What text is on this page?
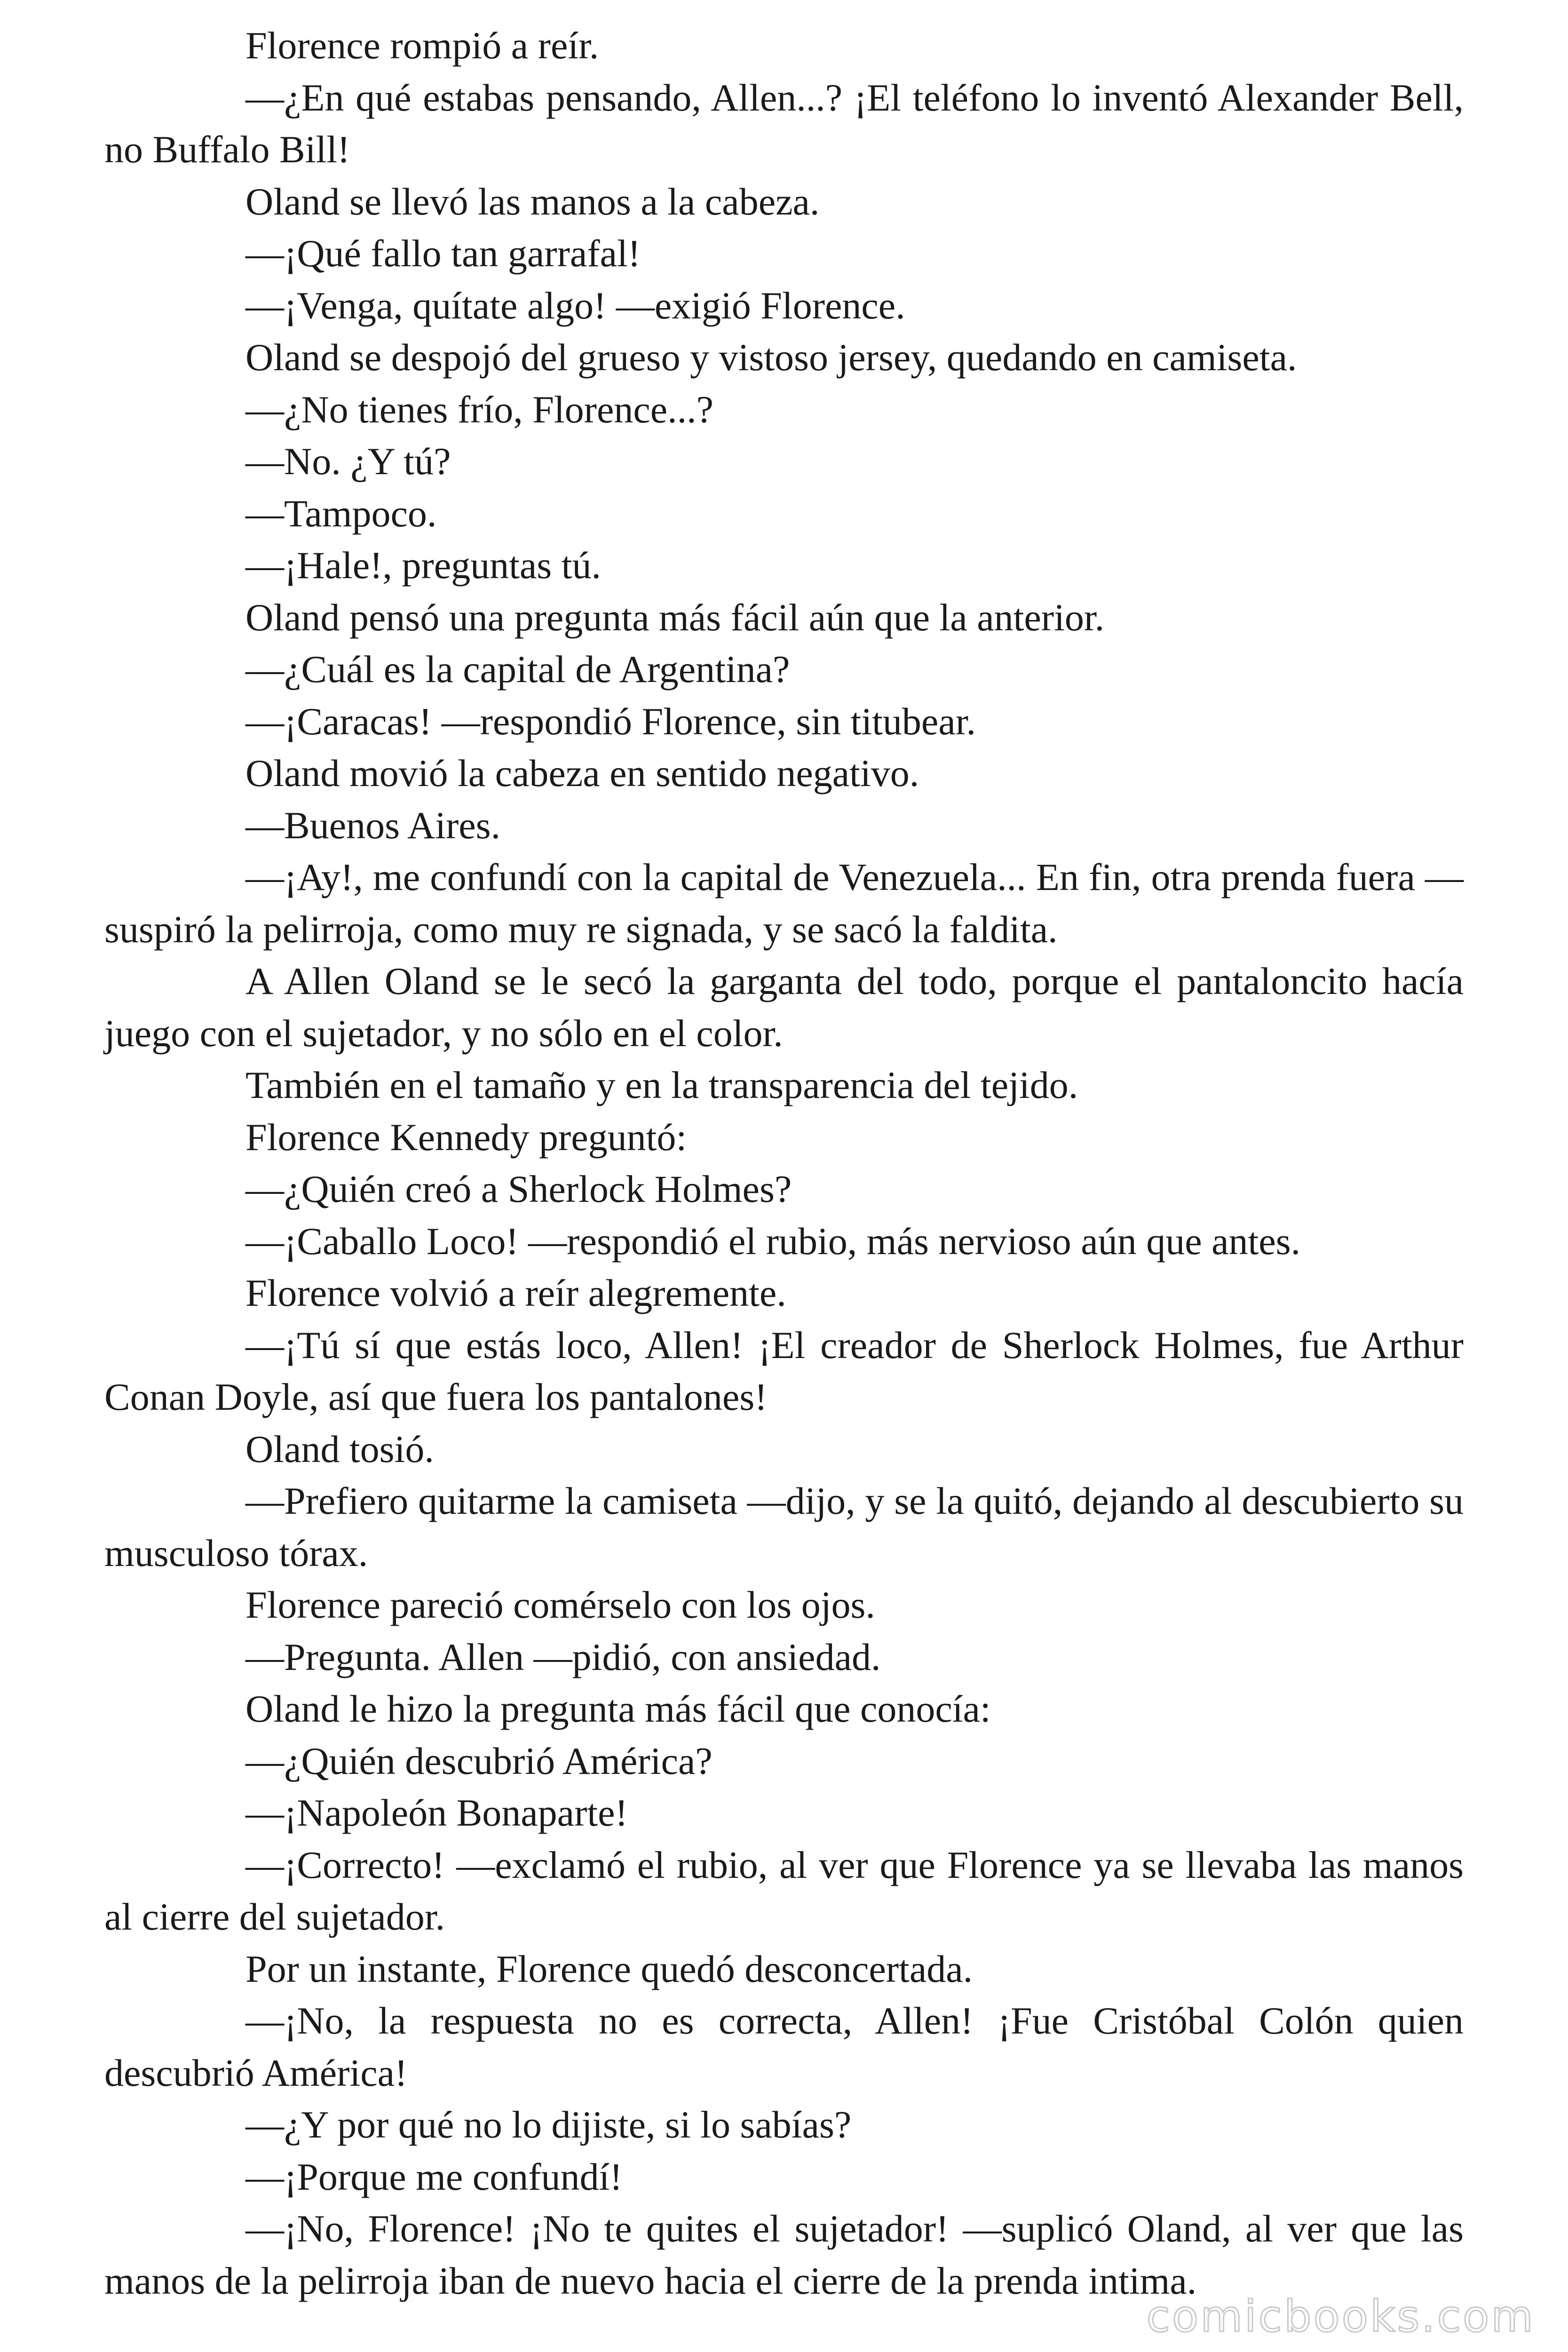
Florence rompió a reír.

—¿En qué estabas pensando, Allen...? ¡El teléfono lo inventó Alexander Bell, no Buffalo Bill!

Oland se llevó las manos a la cabeza.

—¡Qué fallo tan garrafal!

—¡Venga, quítate algo! —exigió Florence.

Oland se despojó del grueso y vistoso jersey, quedando en camiseta.

—¿No tienes frío, Florence...?

—No. ¿Y tú?

—Tampoco.

—¡Hale!, preguntas tú.

Oland pensó una pregunta más fácil aún que la anterior.

—¿Cuál es la capital de Argentina?

—¡Caracas! —respondió Florence, sin titubear.

Oland movió la cabeza en sentido negativo.

—Buenos Aires.

—¡Ay!, me confundí con la capital de Venezuela... En fin, otra prenda fuera —suspiró la pelirroja, como muy re signada, y se sacó la faldita.

A Allen Oland se le secó la garganta del todo, porque el pantaloncito hacía juego con el sujetador, y no sólo en el color.

También en el tamaño y en la transparencia del tejido.

Florence Kennedy preguntó:

—¿Quién creó a Sherlock Holmes?

—¡Caballo Loco! —respondió el rubio, más nervioso aún que antes.

Florence volvió a reír alegremente.

—¡Tú sí que estás loco, Allen! ¡El creador de Sherlock Holmes, fue Arthur Conan Doyle, así que fuera los pantalones!

Oland tosió.

—Prefiero quitarme la camiseta —dijo, y se la quitó, dejando al descubierto su musculoso tórax.

Florence pareció comérselo con los ojos.

—Pregunta. Allen —pidió, con ansiedad.

Oland le hizo la pregunta más fácil que conocía:

—¿Quién descubrió América?

—¡Napoleón Bonaparte!

—¡Correcto! —exclamó el rubio, al ver que Florence ya se llevaba las manos al cierre del sujetador.

Por un instante, Florence quedó desconcertada.

—¡No, la respuesta no es correcta, Allen! ¡Fue Cristóbal Colón quien descubrió América!

—¿Y por qué no lo dijiste, si lo sabías?

—¡Porque me confundí!

—¡No, Florence! ¡No te quites el sujetador! —suplicó Oland, al ver que las manos de la pelirroja iban de nuevo hacia el cierre de la prenda intima.

comicbooks.com
